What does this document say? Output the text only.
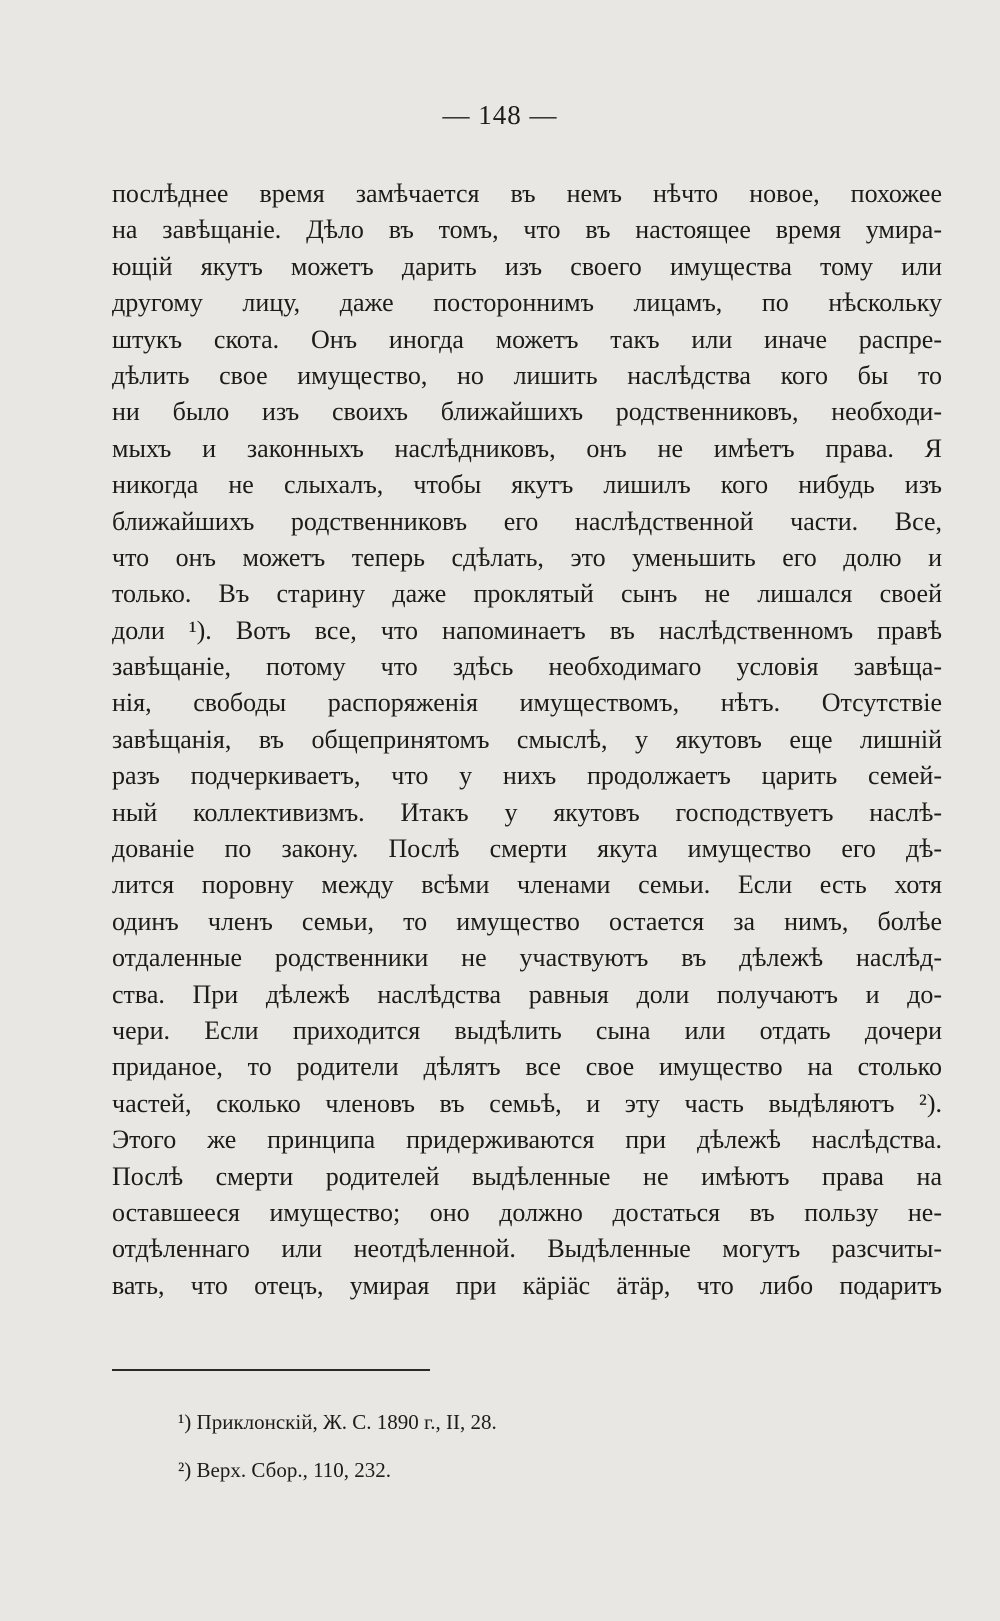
— 148 —
послѣднее время замѣчается въ немъ нѣчто новое, похожее
на завѣщаніе. Дѣло въ томъ, что въ настоящее время умира-
ющій якутъ можетъ дарить изъ своего имущества тому или
другому лицу, даже постороннимъ лицамъ, по нѣскольку
штукъ скота. Онъ иногда можетъ такъ или иначе распре-
дѣлить свое имущество, но лишить наслѣдства кого бы то
ни было изъ своихъ ближайшихъ родственниковъ, необходи-
мыхъ и законныхъ наслѣдниковъ, онъ не имѣетъ права. Я
никогда не слыхалъ, чтобы якутъ лишилъ кого нибудь изъ
ближайшихъ родственниковъ его наслѣдственной части. Все,
что онъ можетъ теперь сдѣлать, это уменьшить его долю и
только. Въ старину даже проклятый сынъ не лишался своей
доли ¹). Вотъ все, что напоминаетъ въ наслѣдственномъ правѣ
завѣщаніе, потому что здѣсь необходимаго условія завѣща-
нія, свободы распоряженія имуществомъ, нѣтъ. Отсутствіе
завѣщанія, въ общепринятомъ смыслѣ, у якутовъ еще лишній
разъ подчеркиваетъ, что у нихъ продолжаетъ царить семей-
ный коллективизмъ. Итакъ у якутовъ господствуетъ наслѣ-
дованіе по закону. Послѣ смерти якута имущество его дѣ-
лится поровну между всѣми членами семьи. Если есть хотя
одинъ членъ семьи, то имущество остается за нимъ, болѣе
отдаленные родственники не участвуютъ въ дѣлежѣ наслѣд-
ства. При дѣлежѣ наслѣдства равныя доли получаютъ и до-
чери. Если приходится выдѣлить сына или отдать дочери
приданое, то родители дѣлятъ все свое имущество на столько
частей, сколько членовъ въ семьѣ, и эту часть выдѣляютъ ²).
Этого же принципа придерживаются при дѣлежѣ наслѣдства.
Послѣ смерти родителей выдѣленные не имѣютъ права на
оставшееся имущество; оно должно достаться въ пользу не-
отдѣленнаго или неотдѣленной. Выдѣленные могутъ разсчиты-
вать, что отецъ, умирая при кäріäс äтäр, что либо подаритъ
¹) Приклонскій, Ж. С. 1890 г., II, 28.
²) Верх. Сбор., 110, 232.
